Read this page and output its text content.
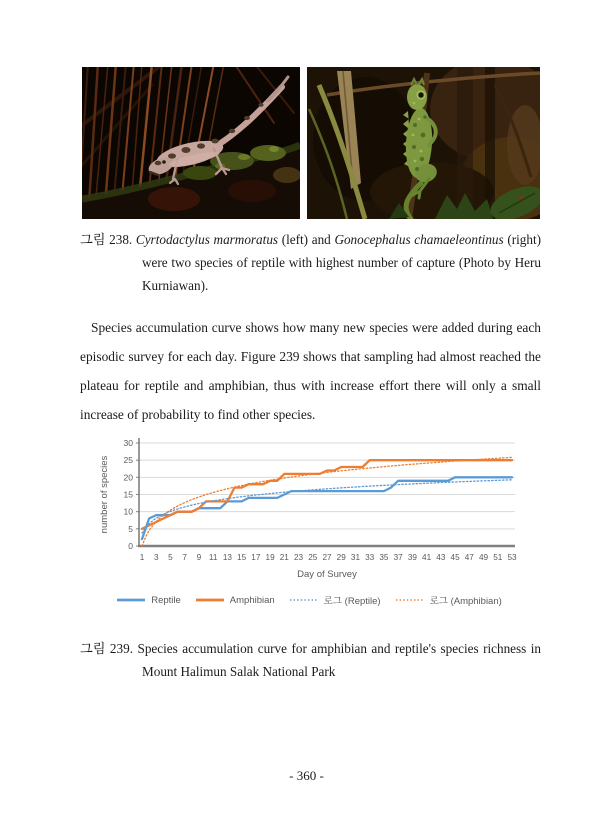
그림 238. Cyrtodactylus marmoratus (left) and Gonocephalus chamaeleontinus (right) were two species of reptile with highest number of capture (Photo by Heru Kurniawan).

Species accumulation curve shows how many new species were added during each episodic survey for each day. Figure 239 shows that sampling had almost reached the plateau for reptile and amphibian, thus with increase effort there will only a small increase of probability to find other species.

0
5
10
15
20
25
30
1 3 5 7 9 11 13 15 17 19 21 23 25 27 29 31 33 35 37 39 41 43 45 47 49 51 53
Day of Survey
number of species
Reptile	Amphibian	로그 (Reptile)	로그 (Amphibian)

그림 239. Species accumulation curve for amphibian and reptile's species richness in Mount Halimun Salak National Park

- 360 -
